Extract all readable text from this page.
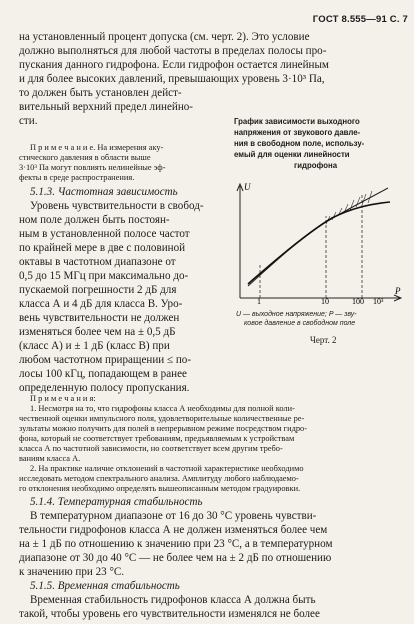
ГОСТ 8.555—91 С. 7
на установленный процент допуска (см. черт. 2). Это условие
должно выполняться для любой частоты в пределах полосы про-
пускания данного гидрофона. Если гидрофон остается линейным
и для более высоких давлений, превышающих уровень 3·10³ Па,
то должен быть установлен дейст-
вительный верхний предел линейно-
сти.
П р и м е ч а н и е. На измерения аку-
стического давления в области выше
3·10³ Па могут повлиять нелинейные эф-
фекты в среде распространения.
5.1.3. Частотная зависимость
Уровень чувствительности в свобод-
ном поле должен быть постоян-
ным в установленной полосе частот
по крайней мере в две с половиной
октавы в частотном диапазоне от
0,5 до 15 МГц при максимально до-
пускаемой погрешности 2 дБ для
класса А и 4 дБ для класса В. Уро-
вень чувствительности не должен
изменяться более чем на ± 0,5 дБ
(класс А) и ± 1 дБ (класс В) при
любом частотном приращении ≤ по-
лосы 100 кГц, попадающем в ранее
определенную полосу пропускания.
График зависимости выходного
напряжения от звукового давле-
ния в свободном поле, использу-
емый для оценки линейности
гидрофона
U
P
1	10	100 10³
U — выходное напряжение; P — зву-
ковое давление в свободном поле
Черт. 2
П р и м е ч а н и я:
1. Несмотря на то, что гидрофоны класса А необходимы для полной коли-
чественной оценки импульсного поля, удовлетворительные количественные ре-
зультаты можно получить для полей в непрерывном режиме посредством гидро-
фона, который не соответствует требованиям, предъявляемым к устройствам
класса А по частотной зависимости, но соответствует всем другим требо-
ваниям класса А.
2. На практике наличие отклонений в частотной характеристике необходимо
исследовать методом спектрального анализа. Амплитуду любого наблюдаемо-
го отклонения необходимо определять вышеописанным методом градуировки.
5.1.4. Температурная стабильность
В температурном диапазоне от 16 до 30 °С уровень чувстви-
тельности гидрофонов класса А не должен изменяться более чем
на ± 1 дБ по отношению к значению при 23 °С, а в температурном
диапазоне от 30 до 40 °С — не более чем на ± 2 дБ по отношению
к значению при 23 °С.
5.1.5. Временная стабильность
Временная стабильность гидрофонов класса А должна быть
такой, чтобы уровень его чувствительности изменялся не более
